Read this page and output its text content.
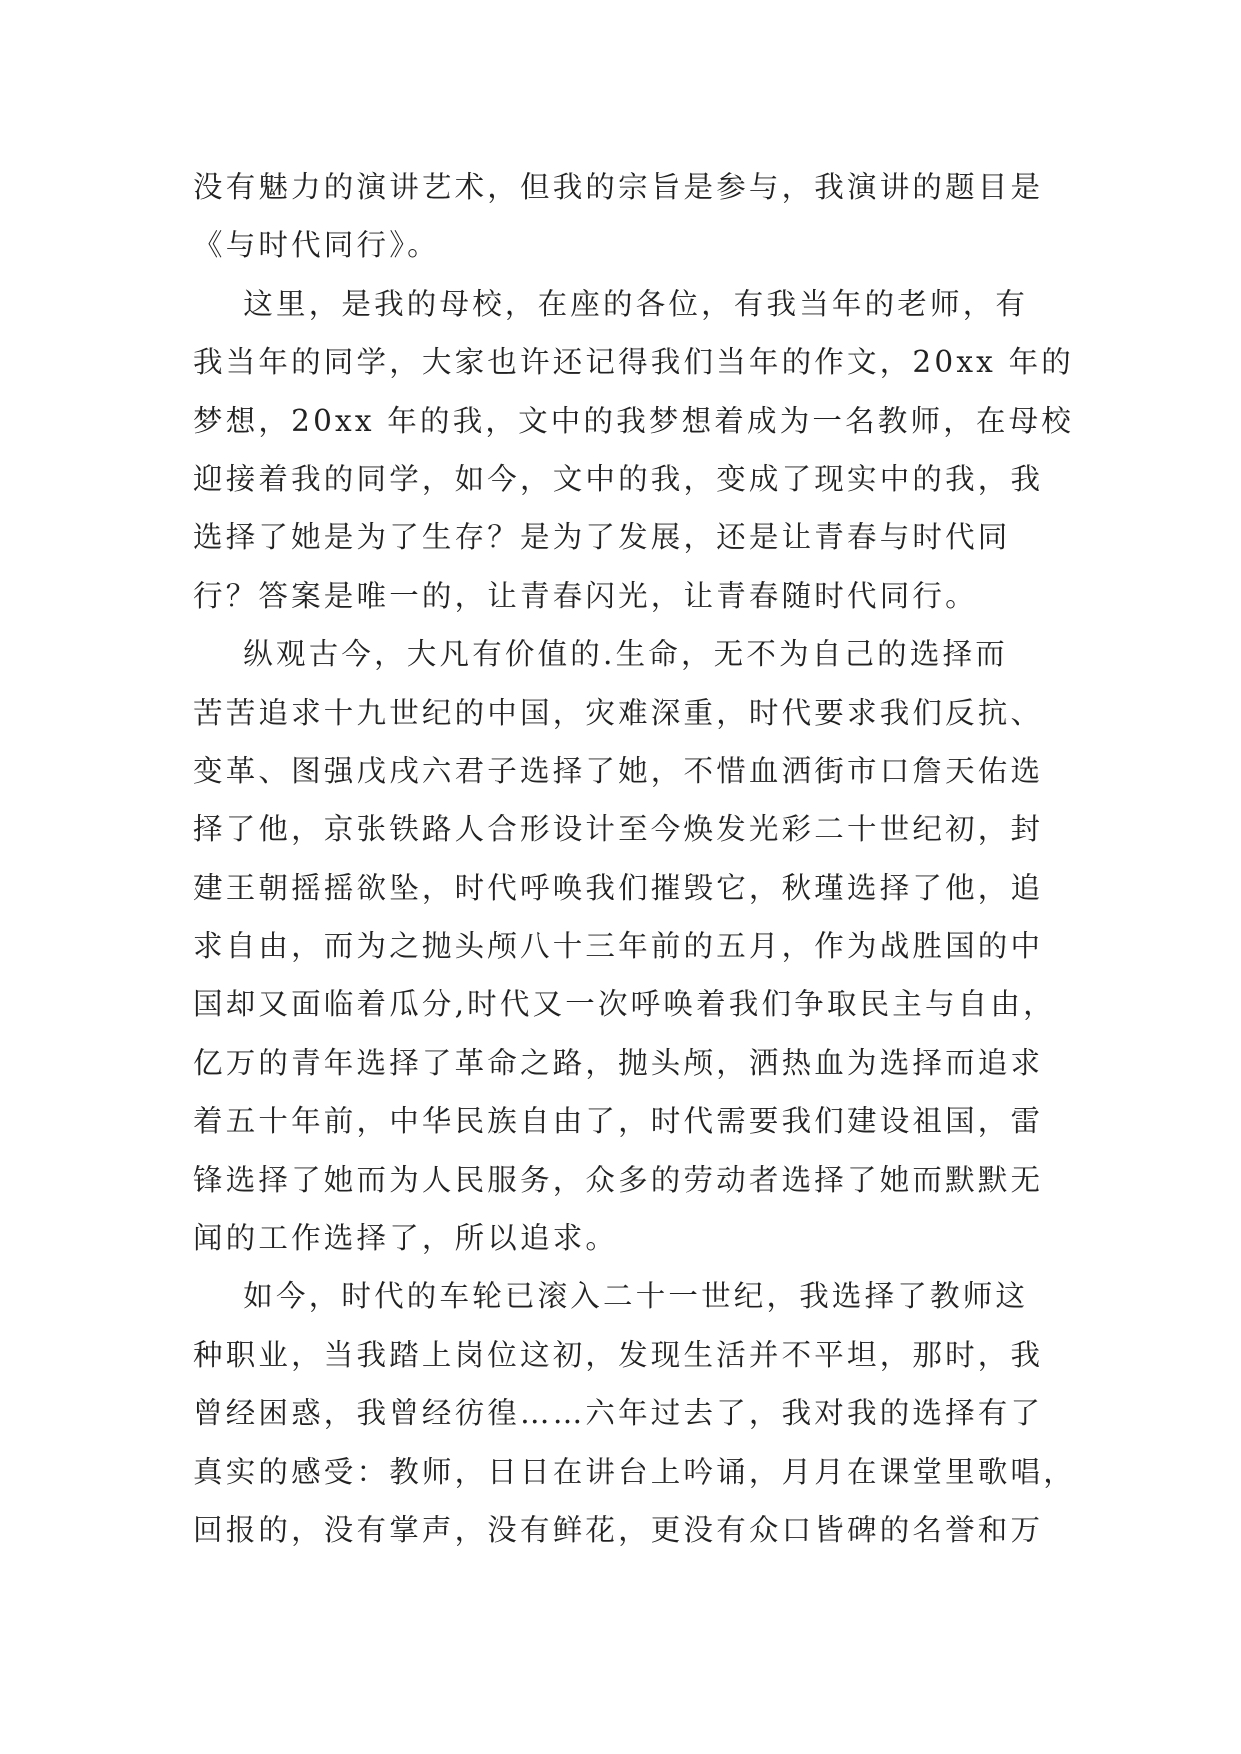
没有魅力的演讲艺术，但我的宗旨是参与，我演讲的题目是
《与时代同行》。
这里，是我的母校，在座的各位，有我当年的老师，有
我当年的同学，大家也许还记得我们当年的作文，20xx 年的
梦想，20xx 年的我，文中的我梦想着成为一名教师，在母校
迎接着我的同学，如今，文中的我，变成了现实中的我，我
选择了她是为了生存？是为了发展，还是让青春与时代同
行？答案是唯一的，让青春闪光，让青春随时代同行。
纵观古今，大凡有价值的.生命，无不为自己的选择而
苦苦追求十九世纪的中国，灾难深重，时代要求我们反抗、
变革、图强戊戌六君子选择了她，不惜血洒街市口詹天佑选
择了他，京张铁路人合形设计至今焕发光彩二十世纪初，封
建王朝摇摇欲坠，时代呼唤我们摧毁它，秋瑾选择了他，追
求自由，而为之抛头颅八十三年前的五月，作为战胜国的中
国却又面临着瓜分,时代又一次呼唤着我们争取民主与自由，
亿万的青年选择了革命之路，抛头颅，洒热血为选择而追求
着五十年前，中华民族自由了，时代需要我们建设祖国，雷
锋选择了她而为人民服务，众多的劳动者选择了她而默默无
闻的工作选择了，所以追求。
如今，时代的车轮已滚入二十一世纪，我选择了教师这
种职业，当我踏上岗位这初，发现生活并不平坦，那时，我
曾经困惑，我曾经彷徨……六年过去了，我对我的选择有了
真实的感受：教师，日日在讲台上吟诵，月月在课堂里歌唱，
回报的，没有掌声，没有鲜花，更没有众口皆碑的名誉和万
